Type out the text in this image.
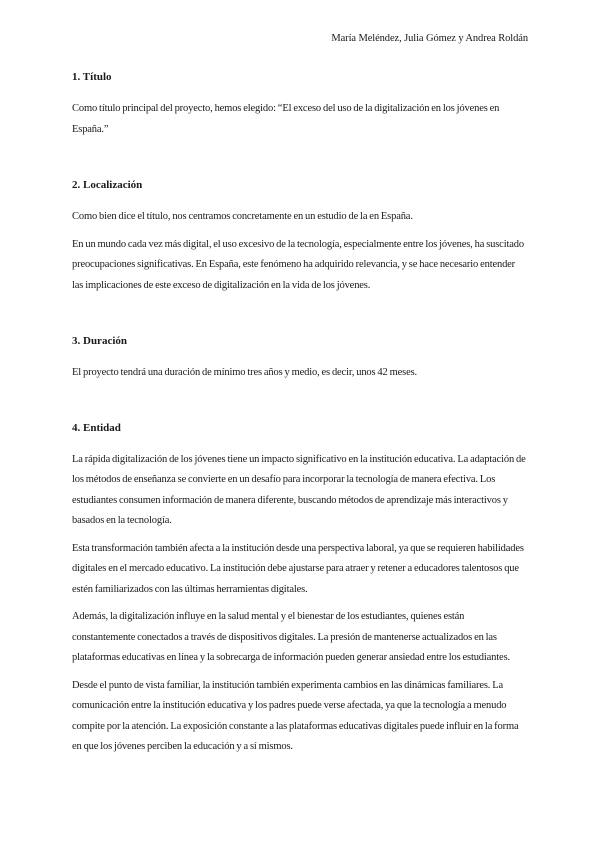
María Meléndez, Julia Gómez y Andrea Roldán
1. Título

Como título principal del proyecto, hemos elegido: “El exceso del uso de la digitalización en los jóvenes en España.”

2. Localización

Como bien dice el título, nos centramos concretamente en un estudio de la en España.

En un mundo cada vez más digital, el uso excesivo de la tecnología, especialmente entre los jóvenes, ha suscitado preocupaciones significativas. En España, este fenómeno ha adquirido relevancia, y se hace necesario entender las implicaciones de este exceso de digitalización en la vida de los jóvenes.

3. Duración

El proyecto tendrá una duración de mínimo tres años y medio, es decir, unos 42 meses.

4. Entidad

La rápida digitalización de los jóvenes tiene un impacto significativo en la institución educativa. La adaptación de los métodos de enseñanza se convierte en un desafío para incorporar la tecnología de manera efectiva. Los estudiantes consumen información de manera diferente, buscando métodos de aprendizaje más interactivos y basados en la tecnología.

Esta transformación también afecta a la institución desde una perspectiva laboral, ya que se requieren habilidades digitales en el mercado educativo. La institución debe ajustarse para atraer y retener a educadores talentosos que estén familiarizados con las últimas herramientas digitales.

Además, la digitalización influye en la salud mental y el bienestar de los estudiantes, quienes están constantemente conectados a través de dispositivos digitales. La presión de mantenerse actualizados en las plataformas educativas en línea y la sobrecarga de información pueden generar ansiedad entre los estudiantes.

Desde el punto de vista familiar, la institución también experimenta cambios en las dinámicas familiares. La comunicación entre la institución educativa y los padres puede verse afectada, ya que la tecnología a menudo compite por la atención. La exposición constante a las plataformas educativas digitales puede influir en la forma en que los jóvenes perciben la educación y a sí mismos.
